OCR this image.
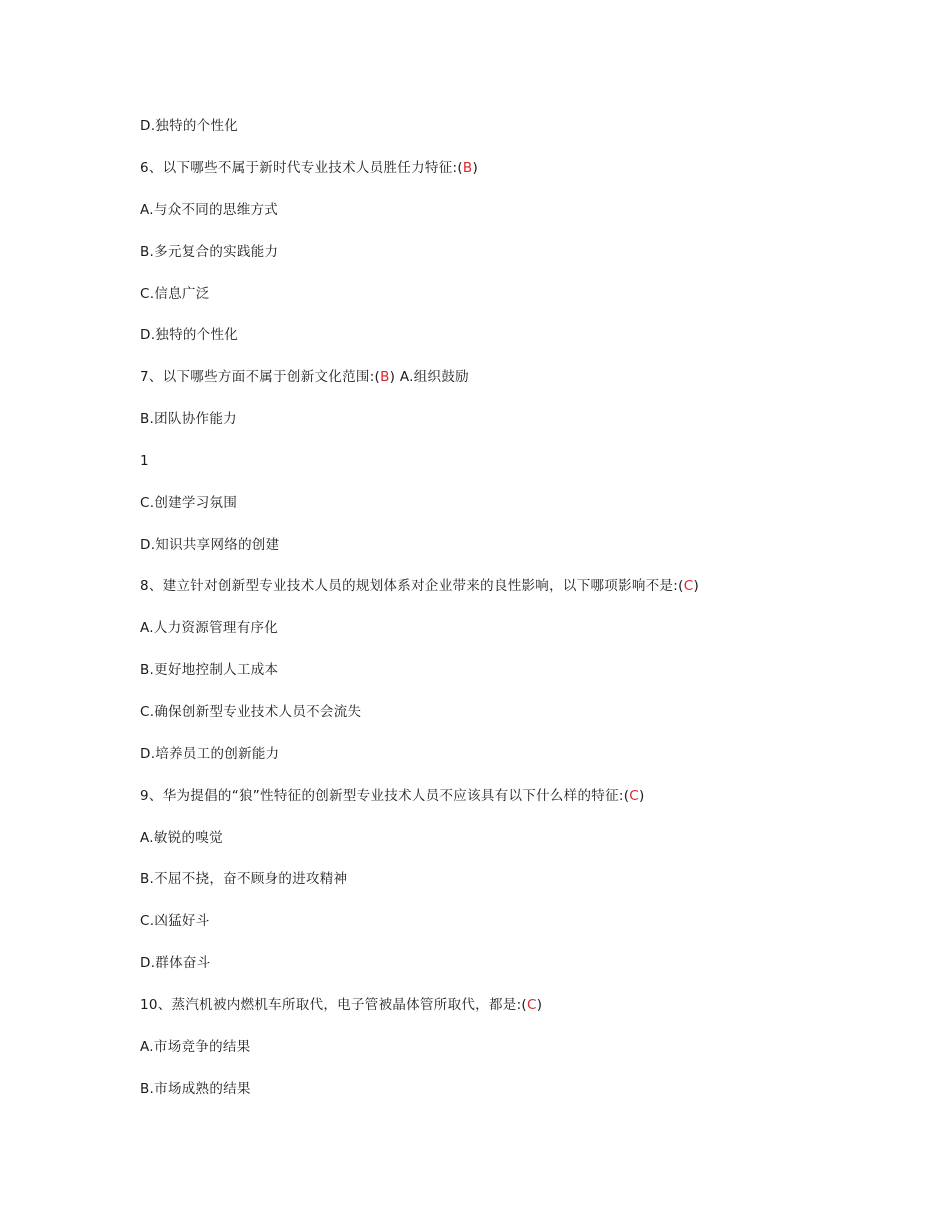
D.独特的个性化
6、以下哪些不属于新时代专业技术人员胜任力特征:(B)
A.与众不同的思维方式
B.多元复合的实践能力
C.信息广泛
D.独特的个性化
7、以下哪些方面不属于创新文化范围:(B) A.组织鼓励
B.团队协作能力
1
C.创建学习氛围
D.知识共享网络的创建
8、建立针对创新型专业技术人员的规划体系对企业带来的良性影响，以下哪项影响不是:(C)
A.人力资源管理有序化
B.更好地控制人工成本
C.确保创新型专业技术人员不会流失
D.培养员工的创新能力
9、华为提倡的“狼”性特征的创新型专业技术人员不应该具有以下什么样的特征:(C)
A.敏锐的嗅觉
B.不屈不挠，奋不顾身的进攻精神
C.凶猛好斗
D.群体奋斗
10、蒸汽机被内燃机车所取代，电子管被晶体管所取代，都是:(C)
A.市场竞争的结果
B.市场成熟的结果
